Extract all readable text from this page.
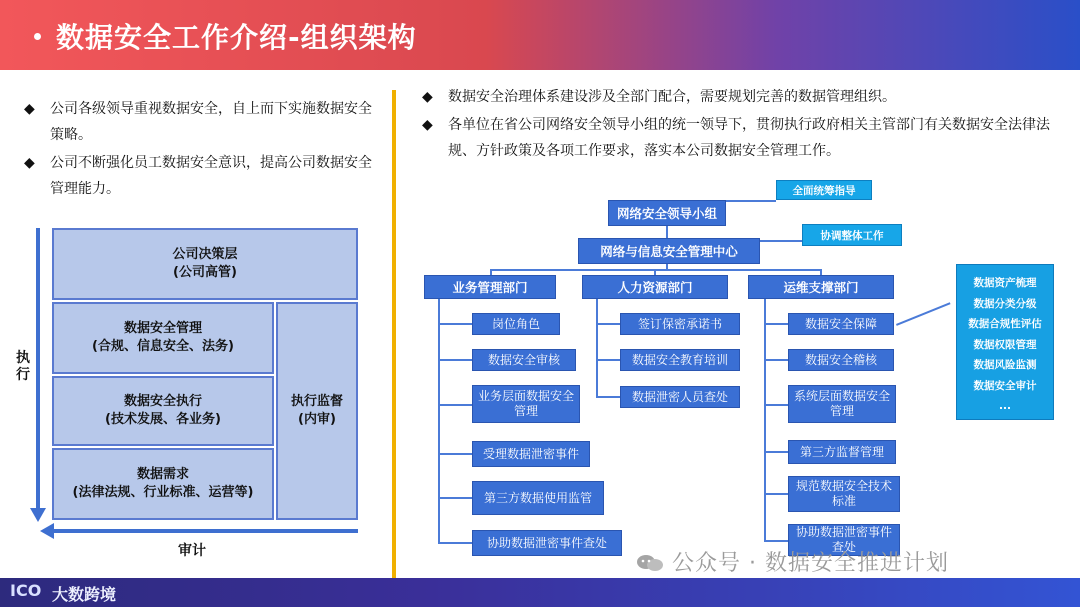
数据安全工作介绍-组织架构
◆ 公司各级领导重视数据安全，自上而下实施数据安全策略。
◆ 公司不断强化员工数据安全意识，提高公司数据安全管理能力。
公司决策层
(公司高管)
数据安全管理
(合规、信息安全、法务)
数据安全执行
(技术发展、各业务)
数据需求
(法律法规、行业标准、运营等)
执行监督
(内审)
执行
审计
◆ 数据安全治理体系建设涉及全部门配合，需要规划完善的数据管理组织。
◆ 各单位在省公司网络安全领导小组的统一领导下，贯彻执行政府相关主管部门有关数据安全法律法规、方针政策及各项工作要求，落实本公司数据安全管理工作。
网络安全领导小组
全面统筹指导
网络与信息安全管理中心
协调整体工作
业务管理部门	人力资源部门	运维支撑部门
岗位角色
数据安全审核
业务层面数据安全管理
受理数据泄密事件
第三方数据使用监管
协助数据泄密事件查处
签订保密承诺书
数据安全教育培训
数据泄密人员查处
数据安全保障
数据安全稽核
系统层面数据安全管理
第三方监督管理
规范数据安全技术标准
协助数据泄密事件查处
数据资产梳理
数据分类分级
数据合规性评估
数据权限管理
数据风险监测
数据安全审计
...
公众号 · 数据安全推进计划
ICO 大数跨境
